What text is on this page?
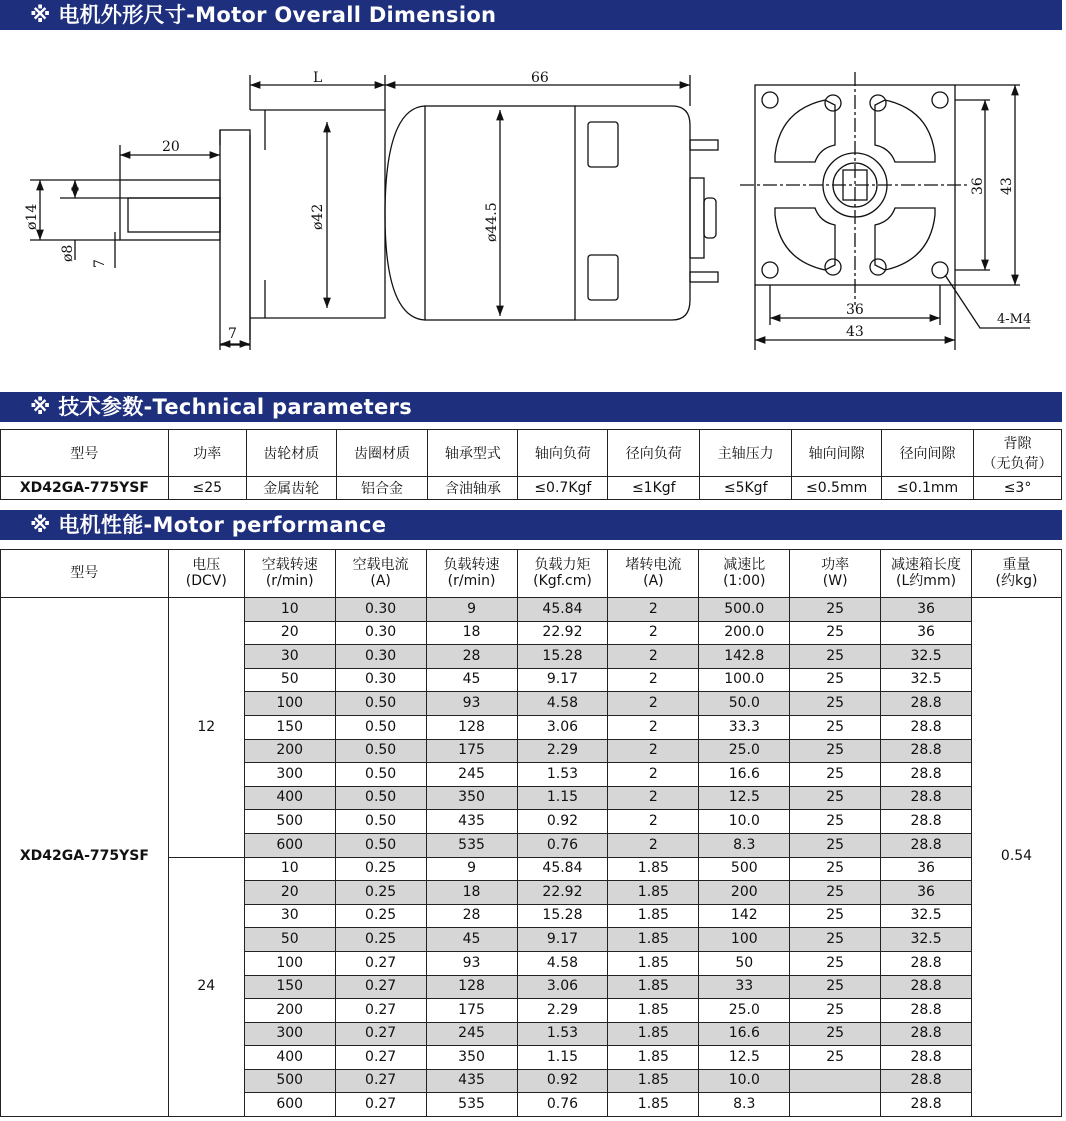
※ 电机外形尺寸-Motor Overall Dimension
L	66
20
ø14
ø8
7
7
ø42	ø44.5
36 43
36
43
4-M4
※ 技术参数-Technical parameters
型号	功率	齿轮材质	齿圈材质	轴承型式	轴向负荷	径向负荷	主轴压力	轴向间隙	径向间隙	背隙
（无负荷）
XD42GA-775YSF	≤25	金属齿轮	铝合金	含油轴承	≤0.7Kgf	≤1Kgf	≤5Kgf	≤0.5mm	≤0.1mm	≤3°
※ 电机性能-Motor performance
型号	电压
(DCV)	空载转速
(r/min)	空载电流
(A)	负载转速
(r/min)	负载力矩
(Kgf.cm)	堵转电流
(A)	减速比
(1:00)	功率
(W)	减速箱长度
(L约mm)	重量
(约kg)
XD42GA-775YSF	12	10	0.30	9	45.84	2	500.0	25	36	0.54
		20	0.30	18	22.92	2	200.0	25	36	
		30	0.30	28	15.28	2	142.8	25	32.5	
		50	0.30	45	9.17	2	100.0	25	32.5	
		100	0.50	93	4.58	2	50.0	25	28.8	
		150	0.50	128	3.06	2	33.3	25	28.8	
		200	0.50	175	2.29	2	25.0	25	28.8	
		300	0.50	245	1.53	2	16.6	25	28.8	
		400	0.50	350	1.15	2	12.5	25	28.8	
		500	0.50	435	0.92	2	10.0	25	28.8	
		600	0.50	535	0.76	2	8.3	25	28.8	
	24	10	0.25	9	45.84	1.85	500	25	36	
		20	0.25	18	22.92	1.85	200	25	36	
		30	0.25	28	15.28	1.85	142	25	32.5	
		50	0.25	45	9.17	1.85	100	25	32.5	
		100	0.27	93	4.58	1.85	50	25	28.8	
		150	0.27	128	3.06	1.85	33	25	28.8	
		200	0.27	175	2.29	1.85	25.0	25	28.8	
		300	0.27	245	1.53	1.85	16.6	25	28.8	
		400	0.27	350	1.15	1.85	12.5	25	28.8	
		500	0.27	435	0.92	1.85	10.0		28.8	
		600	0.27	535	0.76	1.85	8.3		28.8	
